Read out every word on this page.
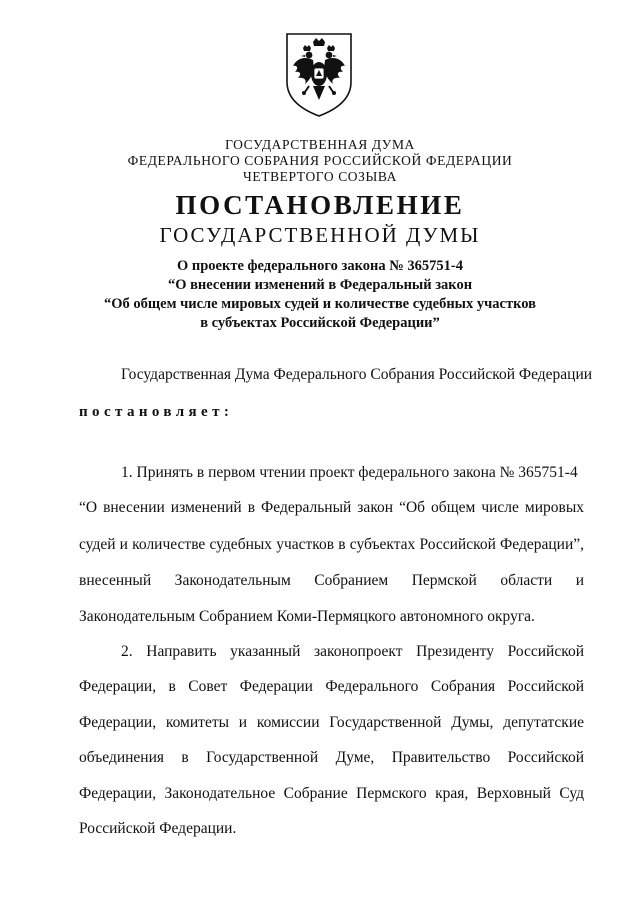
ГОСУДАРСТВЕННАЯ ДУМА
ФЕДЕРАЛЬНОГО СОБРАНИЯ РОССИЙСКОЙ ФЕДЕРАЦИИ
ЧЕТВЕРТОГО СОЗЫВА
ПОСТАНОВЛЕНИЕ
ГОСУДАРСТВЕННОЙ ДУМЫ
О проекте федерального закона № 365751-4
“О внесении изменений в Федеральный закон
“Об общем числе мировых судей и количестве судебных участков
в субъектах Российской Федерации”
Государственная Дума Федерального Собрания Российской Федерации
постановляет:
1. Принять в первом чтении проект федерального закона № 365751-4
“О внесении изменений в Федеральный закон “Об общем числе мировых
судей и количестве судебных участков в субъектах Российской Федерации”,
внесенный Законодательным Собранием Пермской области и
Законодательным Собранием Коми-Пермяцкого автономного округа.
2. Направить указанный законопроект Президенту Российской
Федерации, в Совет Федерации Федерального Собрания Российской
Федерации, комитеты и комиссии Государственной Думы, депутатские
объединения в Государственной Думе, Правительство Российской
Федерации, Законодательное Собрание Пермского края, Верховный Суд
Российской Федерации.
